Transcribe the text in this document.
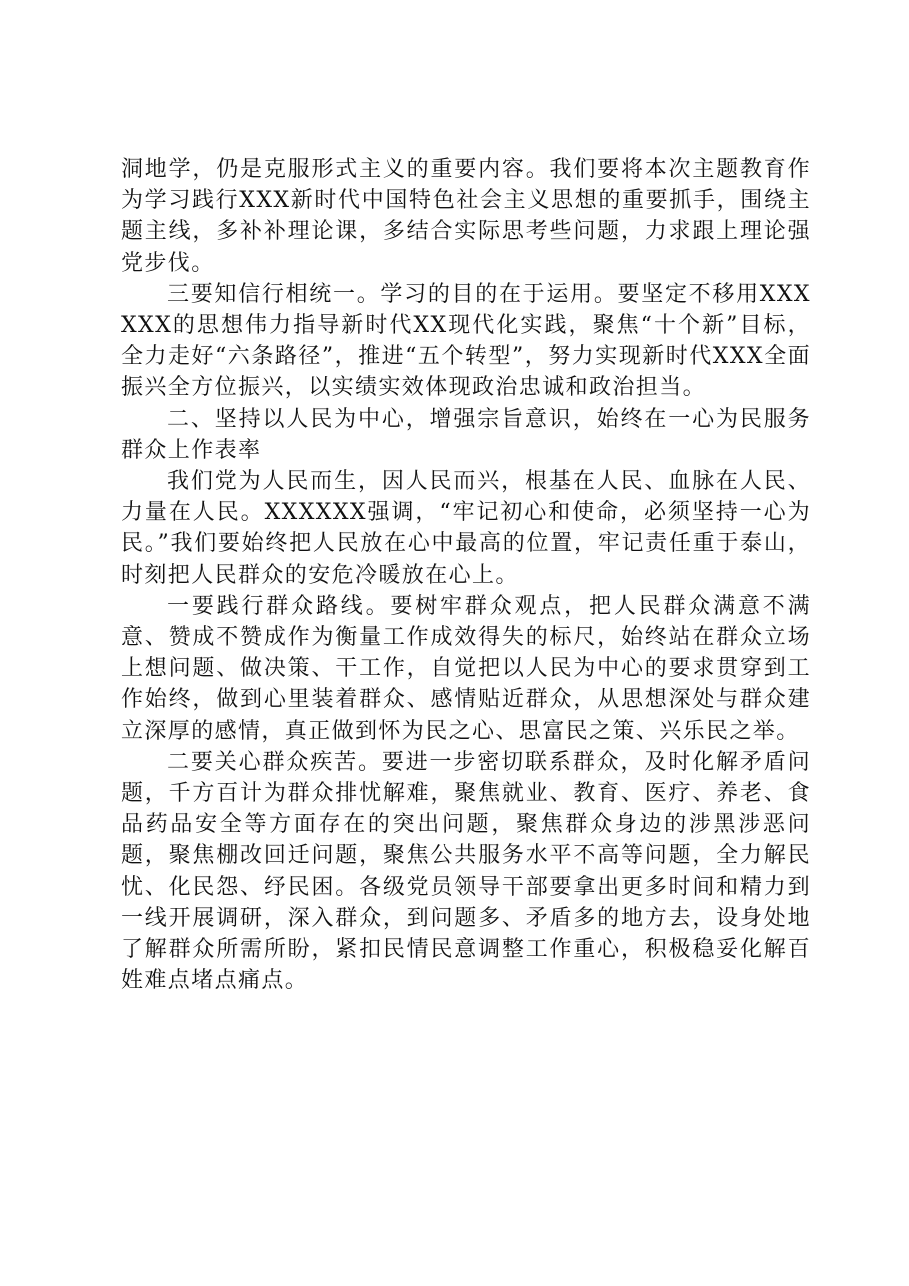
洞地学，仍是克服形式主义的重要内容。我们要将本次主题教育作为学习践行XXX新时代中国特色社会主义思想的重要抓手，围绕主题主线，多补补理论课，多结合实际思考些问题，力求跟上理论强党步伐。

三要知信行相统一。学习的目的在于运用。要坚定不移用XXXXXX的思想伟力指导新时代XX现代化实践，聚焦“十个新”目标，全力走好“六条路径”，推进“五个转型”，努力实现新时代XXX全面振兴全方位振兴，以实绩实效体现政治忠诚和政治担当。

二、坚持以人民为中心，增强宗旨意识，始终在一心为民服务群众上作表率

我们党为人民而生，因人民而兴，根基在人民、血脉在人民、力量在人民。XXXXXX强调，“牢记初心和使命，必须坚持一心为民。”我们要始终把人民放在心中最高的位置，牢记责任重于泰山，时刻把人民群众的安危冷暖放在心上。

一要践行群众路线。要树牢群众观点，把人民群众满意不满意、赞成不赞成作为衡量工作成效得失的标尺，始终站在群众立场上想问题、做决策、干工作，自觉把以人民为中心的要求贯穿到工作始终，做到心里装着群众、感情贴近群众，从思想深处与群众建立深厚的感情，真正做到怀为民之心、思富民之策、兴乐民之举。

二要关心群众疾苦。要进一步密切联系群众，及时化解矛盾问题，千方百计为群众排忧解难，聚焦就业、教育、医疗、养老、食品药品安全等方面存在的突出问题，聚焦群众身边的涉黑涉恶问题，聚焦棚改回迁问题，聚焦公共服务水平不高等问题，全力解民忧、化民怨、纾民困。各级党员领导干部要拿出更多时间和精力到一线开展调研，深入群众，到问题多、矛盾多的地方去，设身处地了解群众所需所盼，紧扣民情民意调整工作重心，积极稳妥化解百姓难点堵点痛点。
